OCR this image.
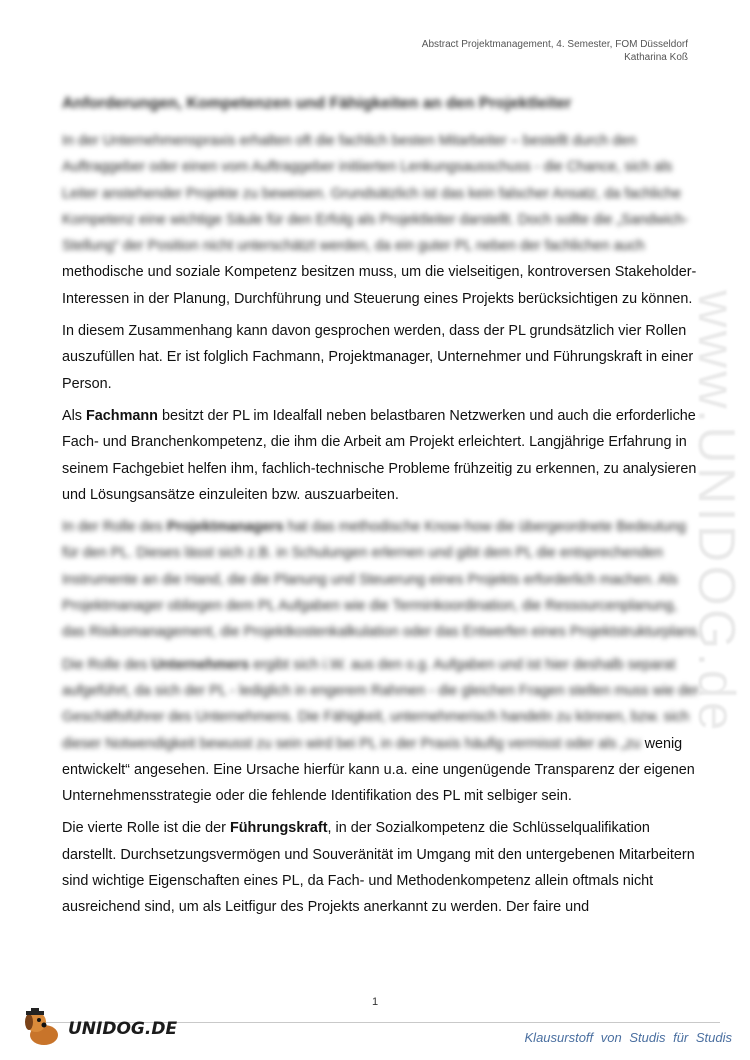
Abstract Projektmanagement, 4. Semester, FOM Düsseldorf
Katharina Koß
Anforderungen, Kompetenzen und Fähigkeiten an den Projektleiter

In der Unternehmenspraxis erhalten oft die fachlich besten Mitarbeiter – bestellt durch den Auftraggeber oder einen vom Auftraggeber initiierten Lenkungsausschuss - die Chance, sich als Leiter anstehender Projekte zu beweisen. Grundsätzlich ist das kein falscher Ansatz, da fachliche Kompetenz eine wichtige Säule für den Erfolg als Projektleiter darstellt. Doch sollte die „Sandwich-Stellung“ der Position nicht unterschätzt werden, da ein guter PL neben der fachlichen auch methodische und soziale Kompetenz besitzen muss, um die vielseitigen, kontroversen Stakeholder-Interessen in der Planung, Durchführung und Steuerung eines Projekts berücksichtigen zu können.

In diesem Zusammenhang kann davon gesprochen werden, dass der PL grundsätzlich vier Rollen auszufüllen hat. Er ist folglich Fachmann, Projektmanager, Unternehmer und Führungskraft in einer Person.

Als Fachmann besitzt der PL im Idealfall neben belastbaren Netzwerken und auch die erforderliche Fach- und Branchenkompetenz, die ihm die Arbeit am Projekt erleichtert. Langjährige Erfahrung in seinem Fachgebiet helfen ihm, fachlich-technische Probleme frühzeitig zu erkennen, zu analysieren und Lösungsansätze einzuleiten bzw. auszuarbeiten.

In der Rolle des Projektmanagers hat das methodische Know-how die übergeordnete Bedeutung für den PL. Dieses lässt sich z.B. in Schulungen erlernen und gibt dem PL die entsprechenden Instrumente an die Hand, die die Planung und Steuerung eines Projekts erforderlich machen. Als Projektmanager obliegen dem PL Aufgaben wie die Terminkoordination, die Ressourcenplanung, das Risikomanagement, die Projektkostenkalkulation oder das Entwerfen eines Projektstrukturplans.

Die Rolle des Unternehmers ergibt sich i.W. aus den o.g. Aufgaben und ist hier deshalb separat aufgeführt, da sich der PL - lediglich in engerem Rahmen - die gleichen Fragen stellen muss wie der Geschäftsführer des Unternehmens. Die Fähigkeit, unternehmerisch handeln zu können, bzw. sich dieser Notwendigkeit bewusst zu sein wird bei PL in der Praxis häufig vermisst oder als „zu wenig entwickelt“ angesehen. Eine Ursache hierfür kann u.a. eine ungenügende Transparenz der eigenen Unternehmensstrategie oder die fehlende Identifikation des PL mit selbiger sein.

Die vierte Rolle ist die der Führungskraft, in der Sozialkompetenz die Schlüsselqualifikation darstellt. Durchsetzungsvermögen und Souveränität im Umgang mit den untergebenen Mitarbeitern sind wichtige Eigenschaften eines PL, da Fach- und Methodenkompetenz allein oftmals nicht ausreichend sind, um als Leitfigur des Projekts anerkannt zu werden. Der faire und

www.UNIDOG.de
1
UNIDOG.DE	Klausurstoff von Studis für Studis
